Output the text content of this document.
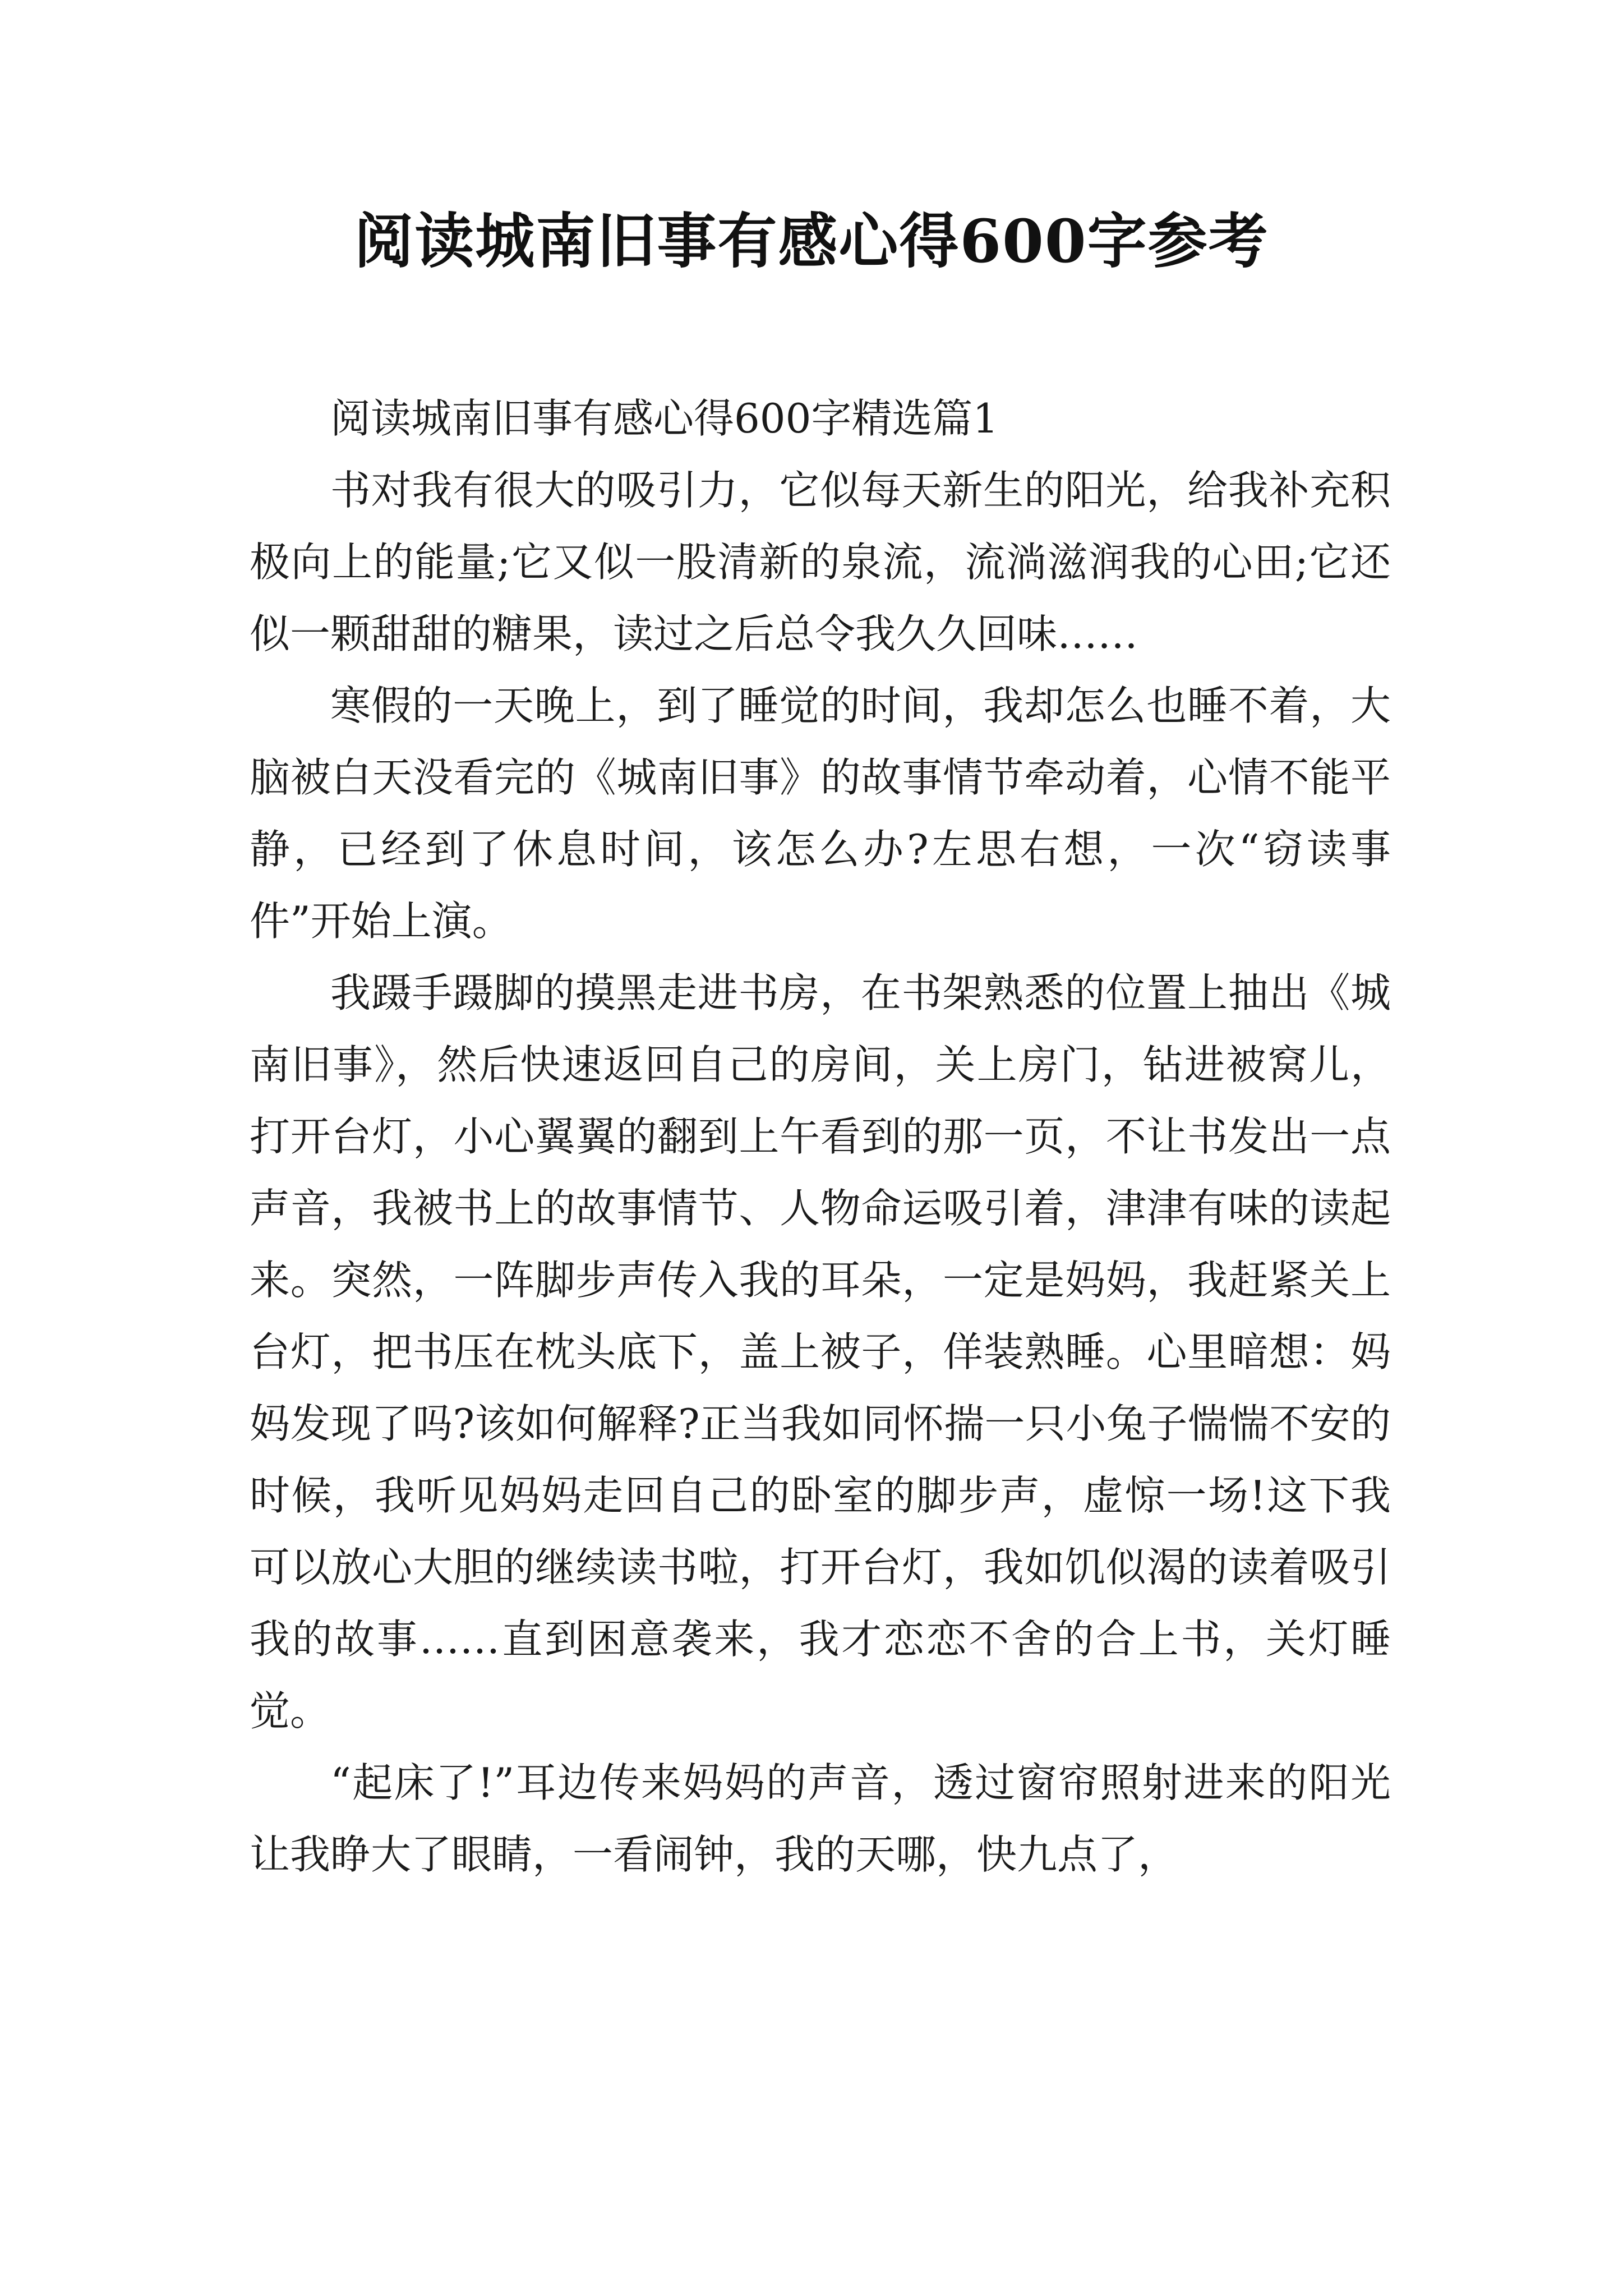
阅读城南旧事有感心得600字参考

阅读城南旧事有感心得600字精选篇1

书对我有很大的吸引力，它似每天新生的阳光，给我补充积极向上的能量;它又似一股清新的泉流，流淌滋润我的心田;它还似一颗甜甜的糖果，读过之后总令我久久回味……

寒假的一天晚上，到了睡觉的时间，我却怎么也睡不着，大脑被白天没看完的《城南旧事》的故事情节牵动着，心情不能平静，已经到了休息时间，该怎么办?左思右想，一次“窃读事件”开始上演。

我蹑手蹑脚的摸黑走进书房，在书架熟悉的位置上抽出《城南旧事》，然后快速返回自己的房间，关上房门，钻进被窝儿，打开台灯，小心翼翼的翻到上午看到的那一页，不让书发出一点声音，我被书上的故事情节、人物命运吸引着，津津有味的读起来。突然，一阵脚步声传入我的耳朵，一定是妈妈，我赶紧关上台灯，把书压在枕头底下，盖上被子，佯装熟睡。心里暗想：妈妈发现了吗?该如何解释?正当我如同怀揣一只小兔子惴惴不安的时候，我听见妈妈走回自己的卧室的脚步声，虚惊一场!这下我可以放心大胆的继续读书啦，打开台灯，我如饥似渴的读着吸引我的故事……直到困意袭来，我才恋恋不舍的合上书，关灯睡觉。

“起床了!”耳边传来妈妈的声音，透过窗帘照射进来的阳光让我睁大了眼睛，一看闹钟，我的天哪，快九点了，
